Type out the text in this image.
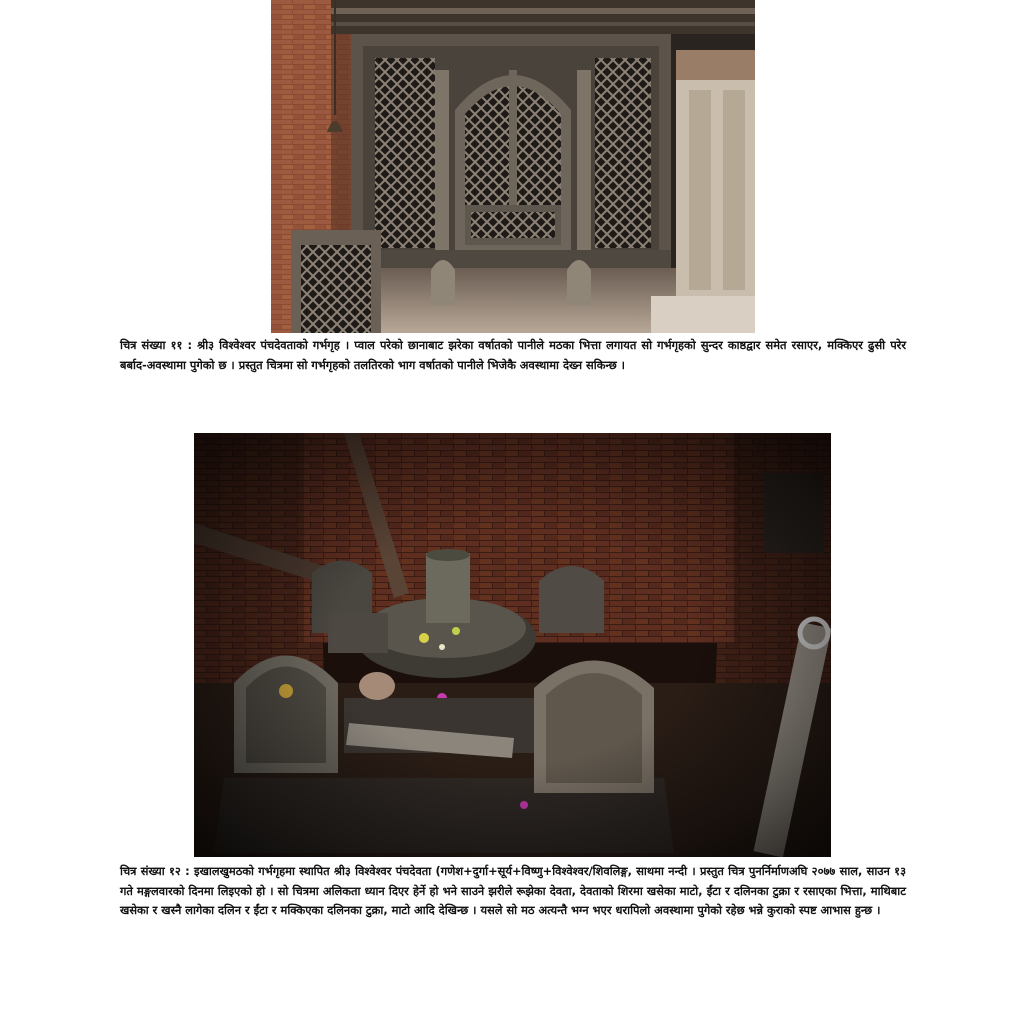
चित्र संख्या ११ : श्री३ विश्वेश्वर पंचदेवताको गर्भगृह । प्वाल परेको छानाबाट झरेका वर्षातको पानीले मठका भित्ता लगायत सो गर्भगृहको सुन्दर काष्ठद्वार समेत रसाएर, मक्किएर ढुसी परेर बर्बाद-अवस्थामा पुगेको छ । प्रस्तुत चित्रमा सो गर्भगृहको तलतिरको भाग वर्षातको पानीले भिजेकै अवस्थामा देख्न सकिन्छ ।

चित्र संख्या १२ : इखालखुमठको गर्भगृहमा स्थापित श्री३ विश्वेश्वर पंचदेवता (गणेश+दुर्गा+सूर्य+विष्णु+विश्वेश्वर/शिवलिङ्ग, साथमा नन्दी । प्रस्तुत चित्र पुनर्निर्माणअघि २०७७ साल, साउन १३ गते मङ्गलवारको दिनमा लिइएको हो । सो चित्रमा अलिकता ध्यान दिएर हेर्ने हो भने साउने झरीले रूझेका देवता, देवताको शिरमा खसेका माटो, ईंटा र दलिनका टुक्रा र रसाएका भित्ता, माथिबाट खसेका र खस्नै लागेका दलिन र ईंटा र मक्किएका दलिनका टुक्रा, माटो आदि देखिन्छ । यसले सो मठ अत्यन्तै भग्न भएर धरापिलो अवस्थामा पुगेको रहेछ भन्ने कुराको स्पष्ट आभास हुन्छ ।
